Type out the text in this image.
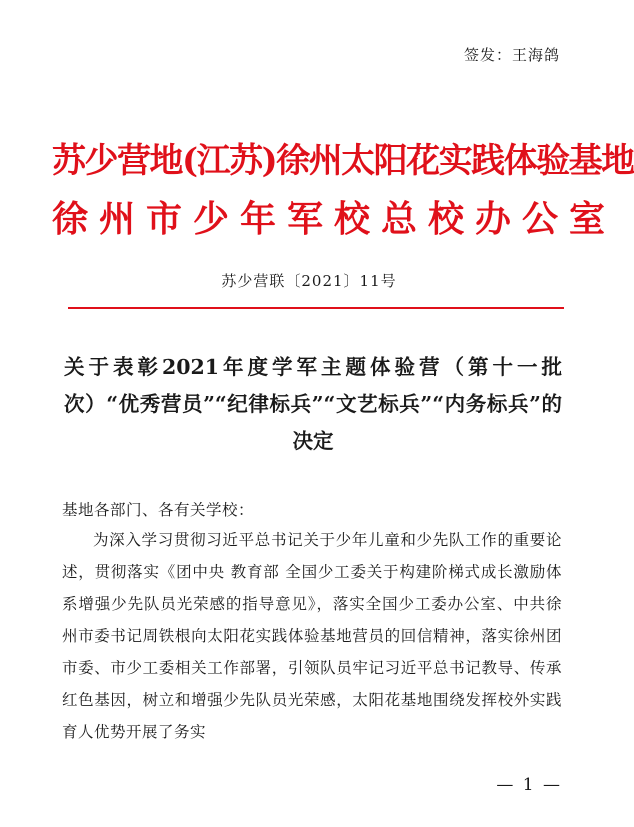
签发：王海鸽
苏少营地(江苏)徐州太阳花实践体验基地
徐州市少年军校总校办公室
苏少营联〔2021〕11号
关于表彰2021年度学军主题体验营（第十一批次）“优秀营员”“纪律标兵”“文艺标兵”“内务标兵”的决定
基地各部门、各有关学校：
为深入学习贯彻习近平总书记关于少年儿童和少先队工作的重要论述，贯彻落实《团中央 教育部 全国少工委关于构建阶梯式成长激励体系增强少先队员光荣感的指导意见》，落实全国少工委办公室、中共徐州市委书记周铁根向太阳花实践体验基地营员的回信精神，落实徐州团市委、市少工委相关工作部署，引领队员牢记习近平总书记教导、传承红色基因，树立和增强少先队员光荣感，太阳花基地围绕发挥校外实践育人优势开展了务实
— 1 —
